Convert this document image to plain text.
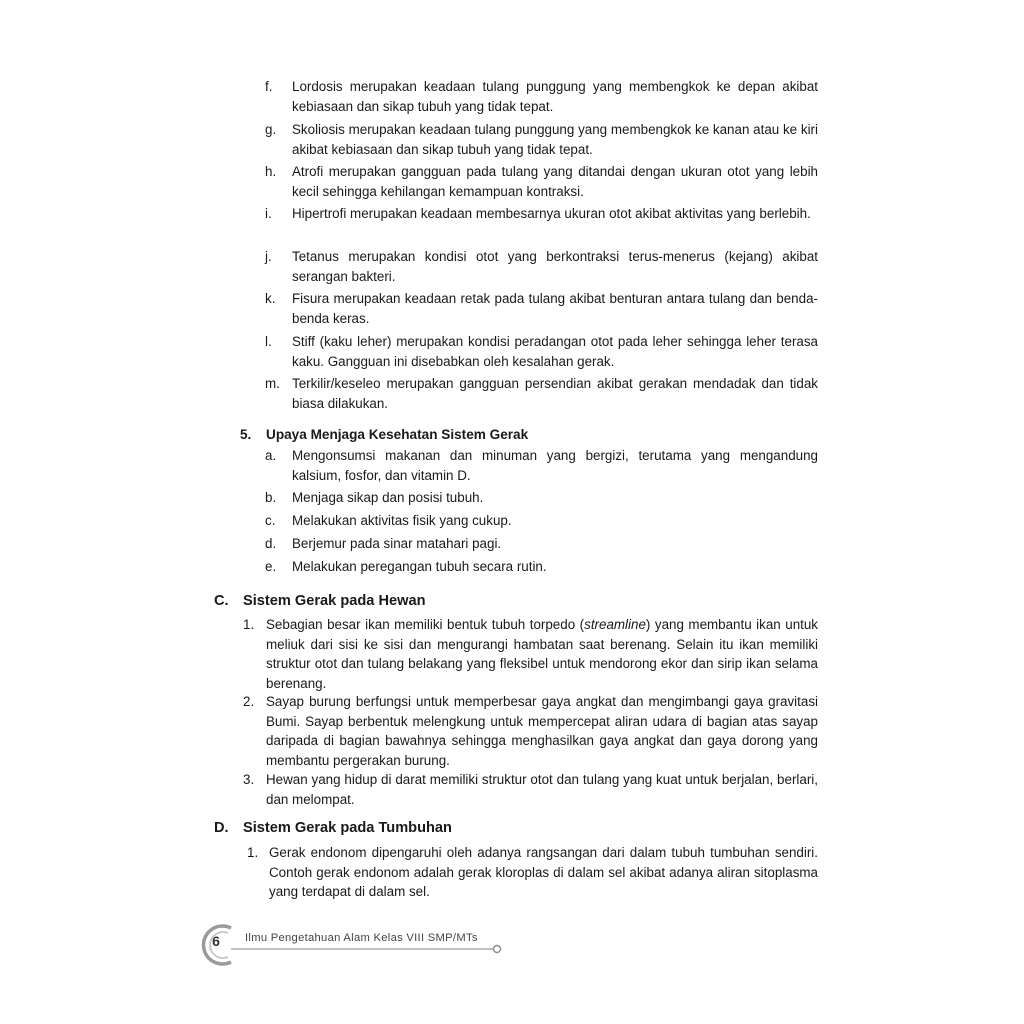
f. Lordosis merupakan keadaan tulang punggung yang membengkok ke depan akibat kebiasaan dan sikap tubuh yang tidak tepat.
g. Skoliosis merupakan keadaan tulang punggung yang membengkok ke kanan atau ke kiri akibat kebiasaan dan sikap tubuh yang tidak tepat.
h. Atrofi merupakan gangguan pada tulang yang ditandai dengan ukuran otot yang lebih kecil sehingga kehilangan kemampuan kontraksi.
i. Hipertrofi merupakan keadaan membesarnya ukuran otot akibat aktivitas yang berlebih.
j. Tetanus merupakan kondisi otot yang berkontraksi terus-menerus (kejang) akibat serangan bakteri.
k. Fisura merupakan keadaan retak pada tulang akibat benturan antara tulang dan benda-benda keras.
l. Stiff (kaku leher) merupakan kondisi peradangan otot pada leher sehingga leher terasa kaku. Gangguan ini disebabkan oleh kesalahan gerak.
m. Terkilir/keseleo merupakan gangguan persendian akibat gerakan mendadak dan tidak biasa dilakukan.
5. Upaya Menjaga Kesehatan Sistem Gerak
a. Mengonsumsi makanan dan minuman yang bergizi, terutama yang mengandung kalsium, fosfor, dan vitamin D.
b. Menjaga sikap dan posisi tubuh.
c. Melakukan aktivitas fisik yang cukup.
d. Berjemur pada sinar matahari pagi.
e. Melakukan peregangan tubuh secara rutin.
C. Sistem Gerak pada Hewan
1. Sebagian besar ikan memiliki bentuk tubuh torpedo (streamline) yang membantu ikan untuk meliuk dari sisi ke sisi dan mengurangi hambatan saat berenang. Selain itu ikan memiliki struktur otot dan tulang belakang yang fleksibel untuk mendorong ekor dan sirip ikan selama berenang.
2. Sayap burung berfungsi untuk memperbesar gaya angkat dan mengimbangi gaya gravitasi Bumi. Sayap berbentuk melengkung untuk mempercepat aliran udara di bagian atas sayap daripada di bagian bawahnya sehingga menghasilkan gaya angkat dan gaya dorong yang membantu pergerakan burung.
3. Hewan yang hidup di darat memiliki struktur otot dan tulang yang kuat untuk berjalan, berlari, dan melompat.
D. Sistem Gerak pada Tumbuhan
1. Gerak endonom dipengaruhi oleh adanya rangsangan dari dalam tubuh tumbuhan sendiri. Contoh gerak endonom adalah gerak kloroplas di dalam sel akibat adanya aliran sitoplasma yang terdapat di dalam sel.
6	Ilmu Pengetahuan Alam Kelas VIII SMP/MTs
